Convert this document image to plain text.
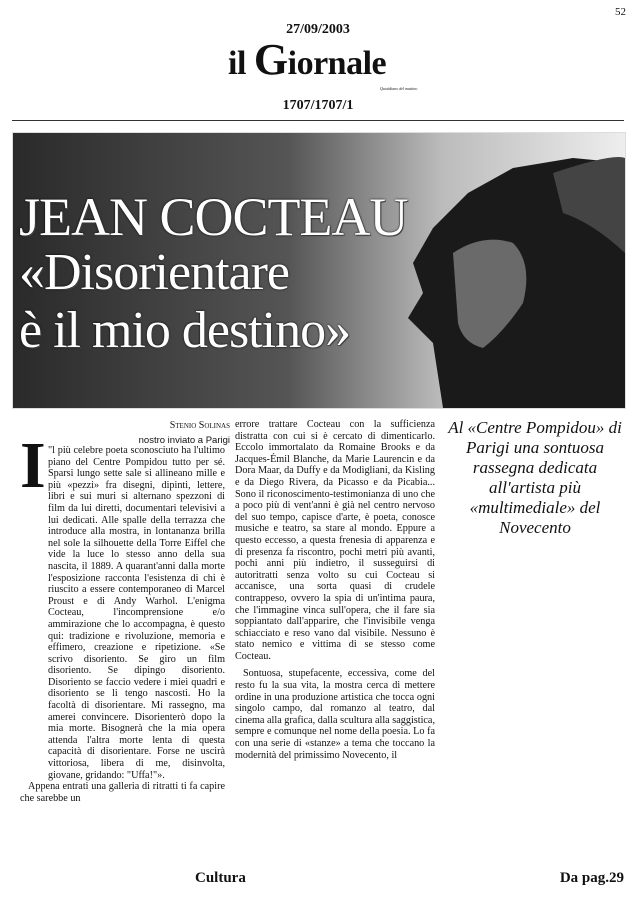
52
27/09/2003
il Giornale
Quotidiano del mattino
1707/1707/1
JEAN COCTEAU
«Disorientare
è il mio destino»
Stenio Solinas
nostro inviato a Parigi
I "l più celebre poeta sconosciuto ha l'ultimo piano del Centre Pompidou tutto per sé. Sparsi lungo sette sale si allineano mille e più «pezzi» fra disegni, dipinti, lettere, libri e sui muri si alternano spezzoni di film da lui diretti, documentari televisivi a lui dedicati. Alle spalle della terrazza che introduce alla mostra, in lontananza brilla nel sole la silhouette della Torre Eiffel che vide la luce lo stesso anno della sua nascita, il 1889. A quarant'anni dalla morte l'esposizione racconta l'esistenza di chi è riuscito a essere contemporaneo di Marcel Proust e di Andy Warhol. L'enigma Cocteau, l'incomprensione e/o ammirazione che lo accompagna, è questo qui: tradizione e rivoluzione, memoria e effimero, creazione e ripetizione. «Se scrivo disoriento. Se giro un film disoriento. Se dipingo disoriento. Disoriento se faccio vedere i miei quadri e disoriento se li tengo nascosti. Ho la facoltà di disorientare. Mi rassegno, ma amerei convincere. Disorienterò dopo la mia morte. Bisognerà che la mia opera attenda l'altra morte lenta di questa capacità di disorientare. Forse ne uscirà vittoriosa, libera di me, disinvolta, giovane, gridando: "Uffa!"».

Appena entrati una galleria di ritratti ti fa capire che sarebbe un

errore trattare Cocteau con la sufficienza distratta con cui si è cercato di dimenticarlo. Eccolo immortalato da Romaine Brooks e da Jacques-Émil Blanche, da Marie Laurencin e da Dora Maar, da Duffy e da Modigliani, da Kisling e da Diego Rivera, da Picasso e da Picabia... Sono il riconoscimento-testimonianza di uno che a poco più di vent'anni è già nel centro nervoso del suo tempo, capisce d'arte, è poeta, conosce musiche e teatro, sa stare al mondo. Eppure a questo eccesso, a questa frenesia di apparenza e di presenza fa riscontro, pochi metri più avanti, pochi anni più indietro, il susseguirsi di autoritratti senza volto su cui Cocteau si accanisce, una sorta quasi di crudele contrappeso, ovvero la spia di un'intima paura, che l'immagine vinca sull'opera, che il fare sia soppiantato dall'apparire, che l'invisibile venga schiacciato e reso vano dal visibile. Nessuno è stato nemico e vittima di se stesso come Cocteau.

Sontuosa, stupefacente, eccessiva, come del resto fu la sua vita, la mostra cerca di mettere ordine in una produzione artistica che tocca ogni singolo campo, dal romanzo al teatro, dal cinema alla grafica, dalla scultura alla saggistica, sempre e comunque nel nome della poesia. Lo fa con una serie di «stanze» a tema che toccano la modernità del primissimo Novecento, il

Al «Centre Pompidou» di Parigi una sontuosa rassegna dedicata all'artista più «multimediale» del Novecento
Cultura	Da pag.29
